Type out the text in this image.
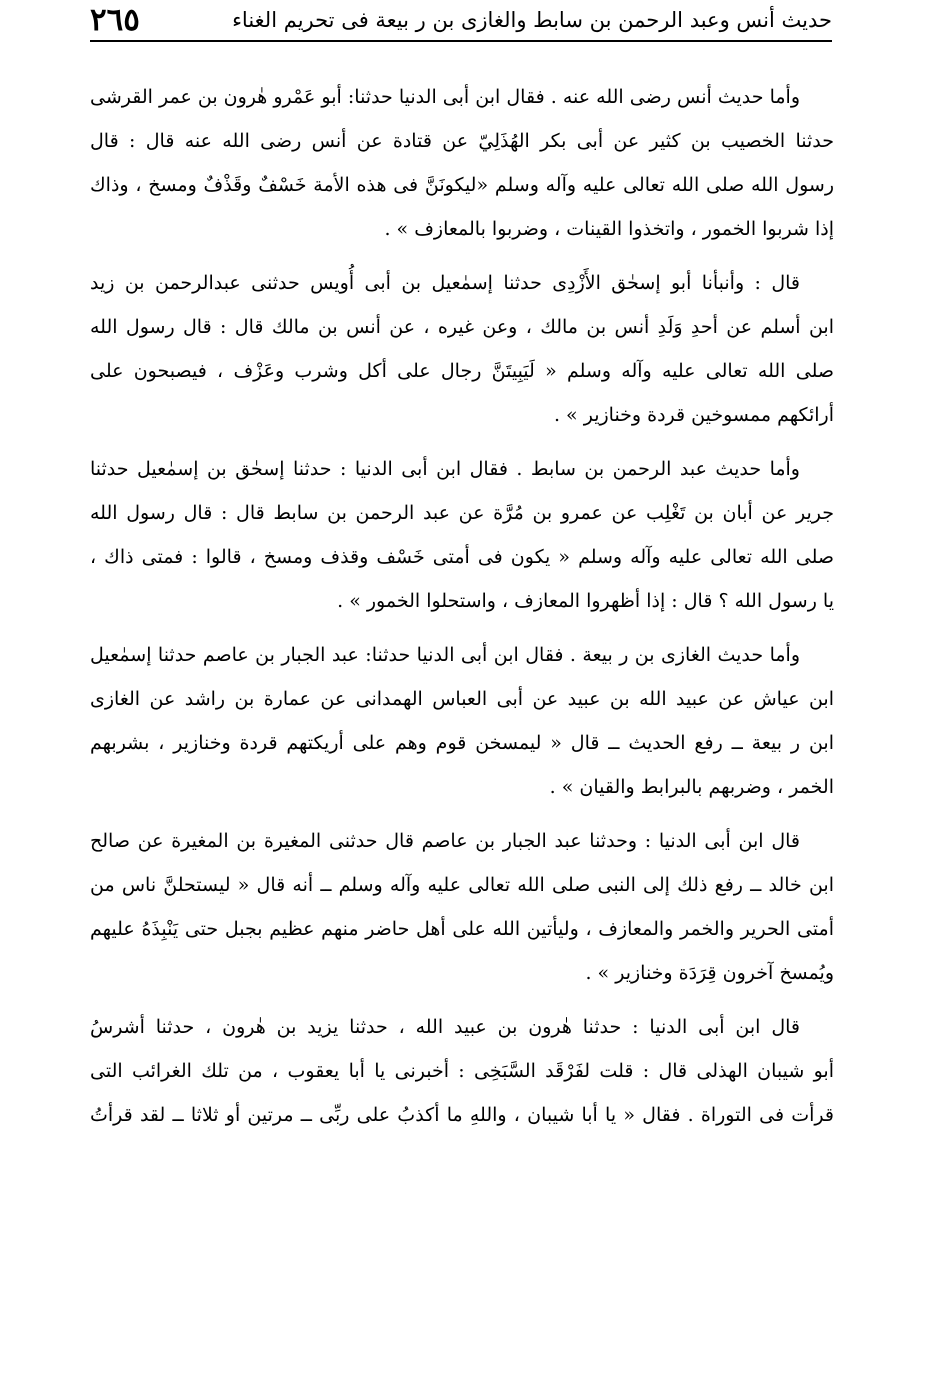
حديث أنس وعبد الرحمن بن سابط والغازى بن ر بيعة فى تحريم الغناء
٢٦٥
وأما حديث أنس رضى الله عنه . فقال ابن أبى الدنيا حدثنا: أبو عَمْرو هٰرون بن عمر القرشى
حدثنا الخصيب بن كثير عن أبى بكر الهُذَلِيّ عن قتادة عن أنس رضى الله عنه قال : قال
رسول الله صلى الله تعالى عليه وآله وسلم «ليكونَنَّ فى هذه الأمة خَسْفٌ وقَذْفٌ ومسخ ، وذاك
إذا شربوا الخمور ، واتخذوا القينات ، وضربوا بالمعازف » .
قال : وأنبأنا أبو إسحٰق الأَزْدِى حدثنا إسمٰعيل بن أبى أُويس حدثنى عبدالرحمن بن زيد
ابن أسلم عن أحدِ وَلَدِ أنس بن مالك ، وعن غيره ، عن أنس بن مالك قال : قال رسول الله
صلى الله تعالى عليه وآله وسلم « لَيَبِيتَنَّ رجال على أكل وشرب وعَزْف ، فيصبحون على
أرائكهم ممسوخين قردة وخنازير » .
وأما حديث عبد الرحمن بن سابط . فقال ابن أبى الدنيا : حدثنا إسحٰق بن إسمٰعيل حدثنا
جرير عن أبان بن تَغْلِب عن عمرو بن مُرَّة عن عبد الرحمن بن سابط قال : قال رسول الله
صلى الله تعالى عليه وآله وسلم « يكون فى أمتى خَسْف وقذف ومسخ ، قالوا : فمتى ذاك ،
يا رسول الله ؟ قال : إذا أظهروا المعازف ، واستحلوا الخمور » .
وأما حديث الغازى بن ر بيعة . فقال ابن أبى الدنيا حدثنا: عبد الجبار بن عاصم حدثنا إسمٰعيل
ابن عياش عن عبيد الله بن عبيد عن أبى العباس الهمدانى عن عمارة بن راشد عن الغازى
ابن ر بيعة ــ رفع الحديث ــ قال « ليمسخن قوم وهم على أريكتهم قردة وخنازير ، بشربهم
الخمر ، وضربهم بالبرابط والقيان » .
قال ابن أبى الدنيا : وحدثنا عبد الجبار بن عاصم قال حدثنى المغيرة بن المغيرة عن صالح
ابن خالد ــ رفع ذلك إلى النبى صلى الله تعالى عليه وآله وسلم ــ أنه قال « ليستحلنَّ ناس من
أمتى الحرير والخمر والمعازف ، وليأتين الله على أهل حاضر منهم عظيم بجبل حتى يَنْبِذَهُ عليهم
ويُمسخ آخرون قِرَدَة وخنازير » .
قال ابن أبى الدنيا : حدثنا هٰرون بن عبيد الله ، حدثنا يزيد بن هٰرون ، حدثنا أشرسُ
أبو شيبان الهذلى قال : قلت لفَرْقَد السَّبَخِى : أخبرنى يا أبا يعقوب ، من تلك الغرائب التى
قرأت فى التوراة . فقال « يا أبا شيبان ، واللهِ ما أكذبُ على ربِّى ــ مرتين أو ثلاثا ــ لقد قرأتُ
